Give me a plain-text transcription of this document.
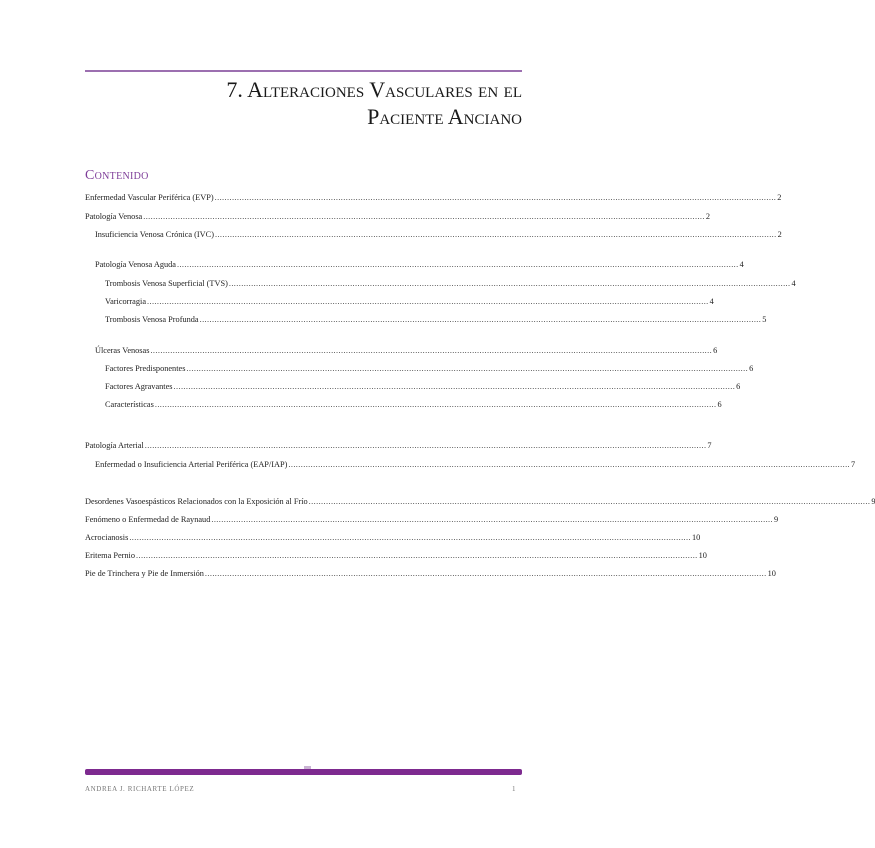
7. Alteraciones Vasculares en el
Paciente Anciano
Contenido
Enfermedad Vascular Periférica (EVP) ................................................................................................................................................................................................................................... 2
Patología Venosa ................................................................................................................................................................................................................................... 2
Insuficiencia Venosa Crónica (IVC) ................................................................................................................................................................................................................................... 2
Patología Venosa Aguda ................................................................................................................................................................................................................................... 4
Trombosis Venosa Superficial (TVS) ................................................................................................................................................................................................................................... 4
Varicorragia ................................................................................................................................................................................................................................... 4
Trombosis Venosa Profunda ................................................................................................................................................................................................................................... 5
Úlceras Venosas ................................................................................................................................................................................................................................... 6
Factores Predisponentes ................................................................................................................................................................................................................................... 6
Factores Agravantes ................................................................................................................................................................................................................................... 6
Características ................................................................................................................................................................................................................................... 6
Patología Arterial ................................................................................................................................................................................................................................... 7
Enfermedad o Insuficiencia Arterial Periférica (EAP/IAP) ................................................................................................................................................................................................................................... 7
Desordenes Vasoespásticos Relacionados con la Exposición al Frío ................................................................................................................................................................................................................................... 9
Fenómeno o Enfermedad de Raynaud ................................................................................................................................................................................................................................... 9
Acrocianosis ................................................................................................................................................................................................................................... 10
Eritema Pernio ................................................................................................................................................................................................................................... 10
Pie de Trinchera y Pie de Inmersión ................................................................................................................................................................................................................................... 10
ANDREA J. RICHARTE LÓPEZ	1
